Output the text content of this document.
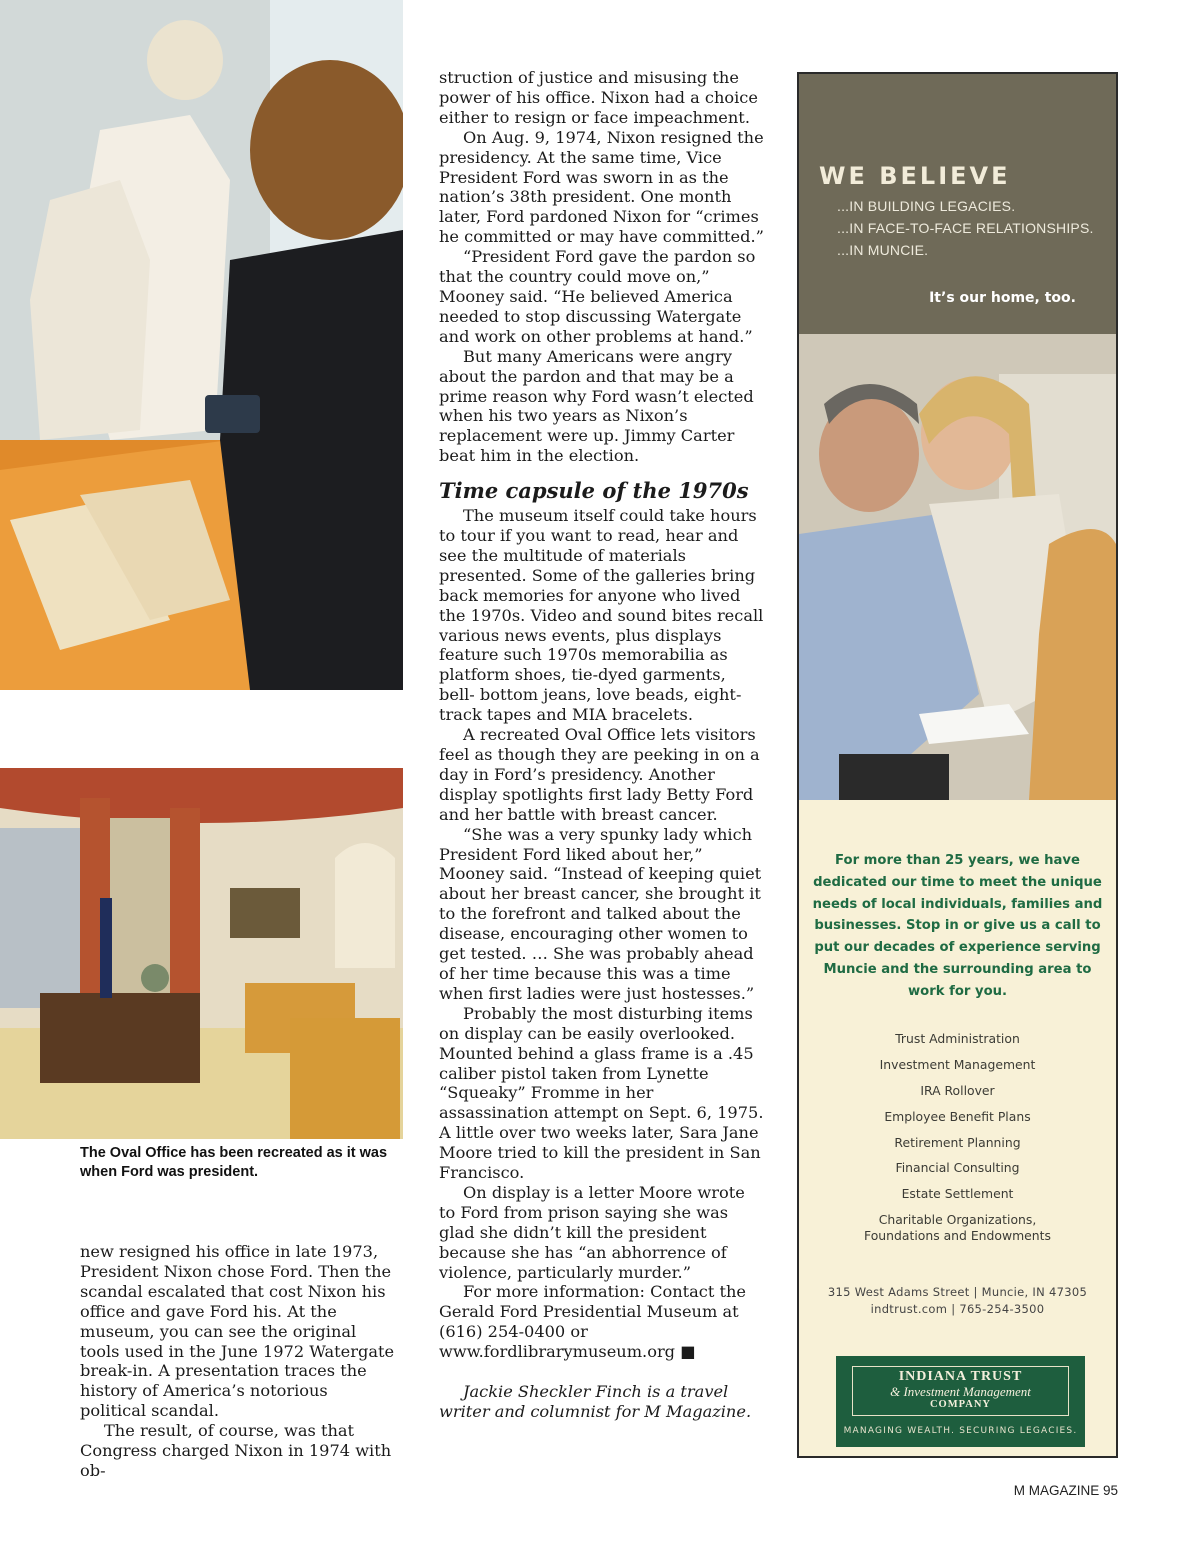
The Oval Office has been recreated as it was when Ford was president.

new resigned his office in late 1973, President Nixon chose Ford. Then the scandal escalated that cost Nixon his office and gave Ford his. At the museum, you can see the original tools used in the June 1972 Watergate break-in. A presentation traces the history of America’s notorious political scandal.

The result, of course, was that Congress charged Nixon in 1974 with ob-

struction of justice and misusing the power of his office. Nixon had a choice either to resign or face impeachment.

On Aug. 9, 1974, Nixon resigned the presidency. At the same time, Vice President Ford was sworn in as the nation’s 38th president. One month later, Ford pardoned Nixon for “crimes he committed or may have committed.”

“President Ford gave the pardon so that the country could move on,” Mooney said. “He believed America needed to stop discussing Watergate and work on other problems at hand.”

But many Americans were angry about the pardon and that may be a prime reason why Ford wasn’t elected when his two years as Nixon’s replacement were up. Jimmy Carter beat him in the election.

Time capsule of the 1970s

The museum itself could take hours to tour if you want to read, hear and see the multitude of materials presented. Some of the galleries bring back memories for anyone who lived the 1970s. Video and sound bites recall various news events, plus displays feature such 1970s memorabilia as platform shoes, tie-dyed garments, bell- bottom jeans, love beads, eight-track tapes and MIA bracelets.

A recreated Oval Office lets visitors feel as though they are peeking in on a day in Ford’s presidency. Another display spotlights first lady Betty Ford and her battle with breast cancer.

“She was a very spunky lady which President Ford liked about her,” Mooney said. “Instead of keeping quiet about her breast cancer, she brought it to the forefront and talked about the disease, encouraging other women to get tested. … She was probably ahead of her time because this was a time when first ladies were just hostesses.”

Probably the most disturbing items on display can be easily overlooked. Mounted behind a glass frame is a .45 caliber pistol taken from Lynette “Squeaky” Fromme in her assassination attempt on Sept. 6, 1975. A little over two weeks later, Sara Jane Moore tried to kill the president in San Francisco.

On display is a letter Moore wrote to Ford from prison saying she was glad she didn’t kill the president because she has “an abhorrence of violence, particularly murder.”

For more information: Contact the Gerald Ford Presidential Museum at (616) 254-0400 or www.fordlibrarymuseum.org ■

Jackie Sheckler Finch is a travel writer and columnist for M Magazine.

WE BELIEVE
...IN BUILDING LEGACIES.
...IN FACE-TO-FACE RELATIONSHIPS.
...IN MUNCIE.
It’s our home, too.
For more than 25 years, we have dedicated our time to meet the unique needs of local individuals, families and businesses. Stop in or give us a call to put our decades of experience serving Muncie and the surrounding area to work for you.
Trust Administration
Investment Management
IRA Rollover
Employee Benefit Plans
Retirement Planning
Financial Consulting
Estate Settlement
Charitable Organizations,
Foundations and Endowments
315 West Adams Street | Muncie, IN 47305
indtrust.com | 765-254-3500
INDIANA TRUST
& Investment Management
COMPANY
MANAGING WEALTH. SECURING LEGACIES.
M MAGAZINE 95
